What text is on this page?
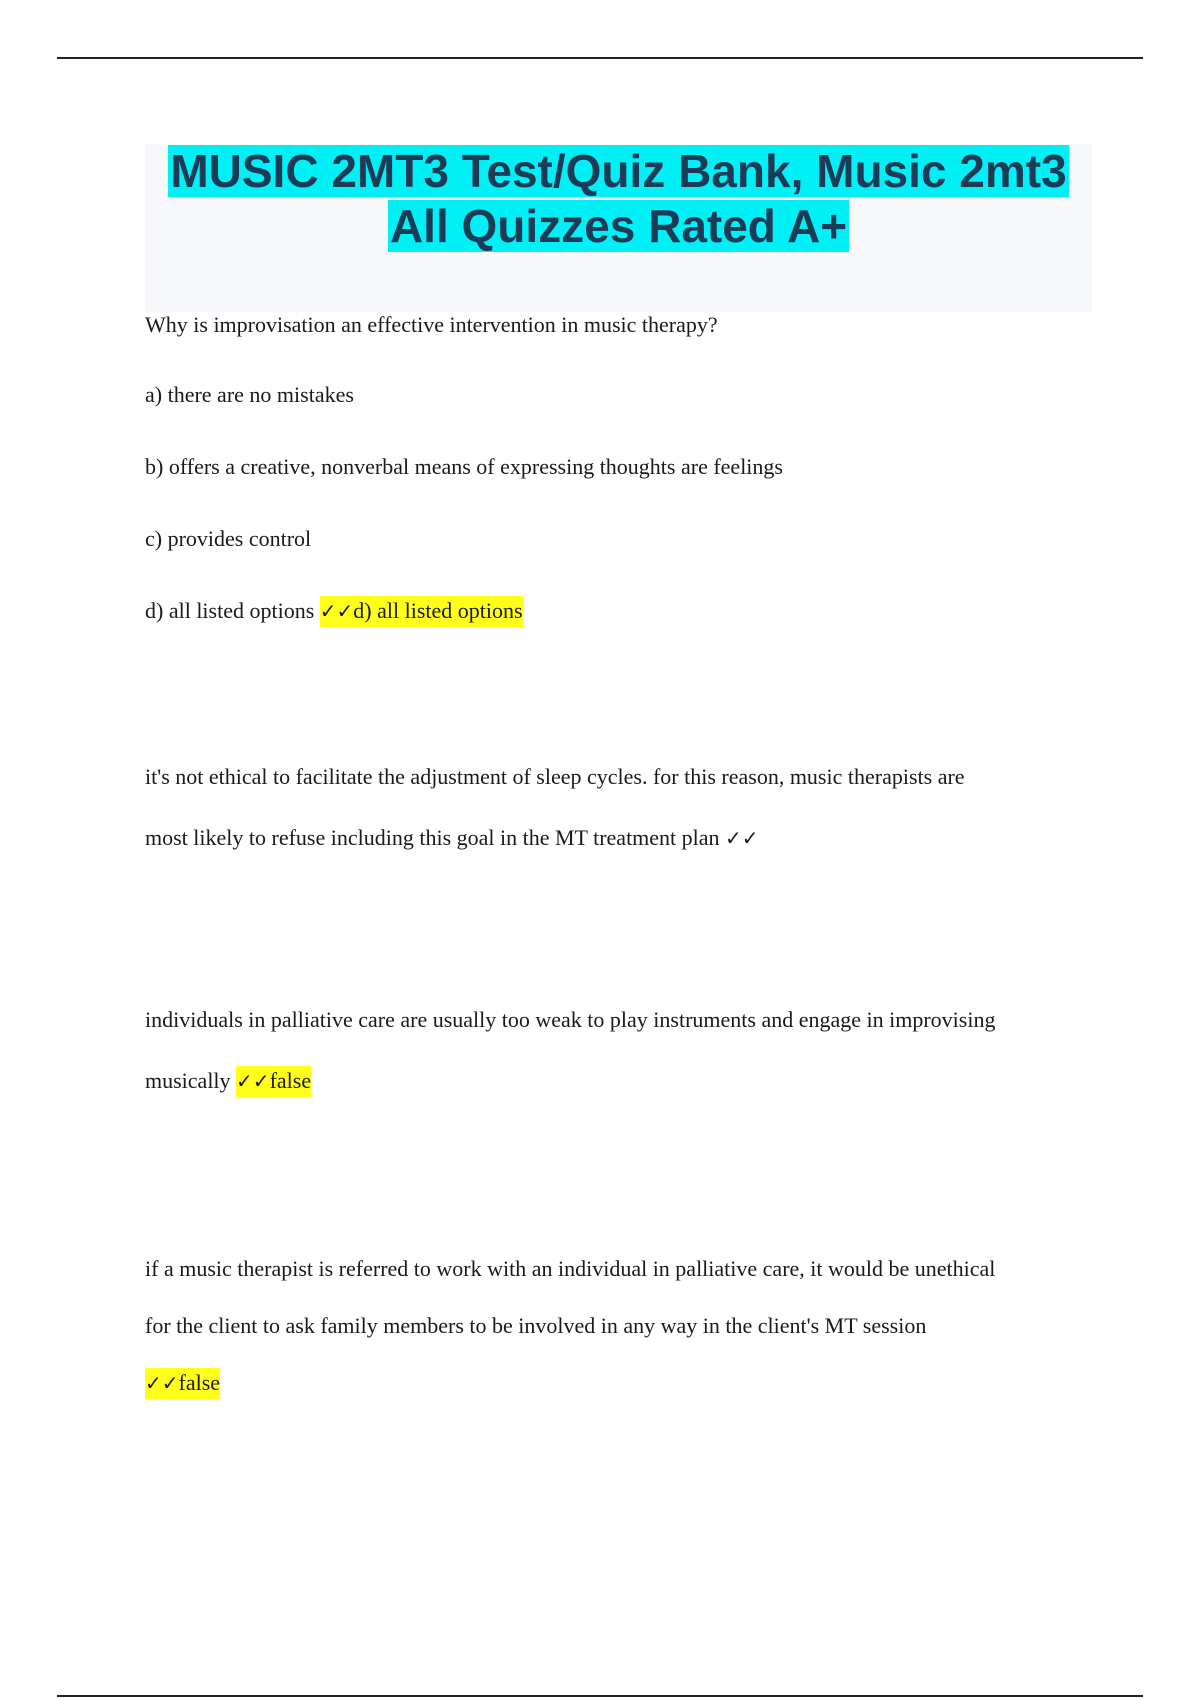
MUSIC 2MT3 Test/Quiz Bank, Music 2mt3
All Quizzes Rated A+

Why is improvisation an effective intervention in music therapy?

a) there are no mistakes

b) offers a creative, nonverbal means of expressing thoughts are feelings

c) provides control

d) all listed options ✓✓d) all listed options

it's not ethical to facilitate the adjustment of sleep cycles. for this reason, music therapists are

most likely to refuse including this goal in the MT treatment plan ✓✓

individuals in palliative care are usually too weak to play instruments and engage in improvising

musically ✓✓false

if a music therapist is referred to work with an individual in palliative care, it would be unethical

for the client to ask family members to be involved in any way in the client's MT session

✓✓false
